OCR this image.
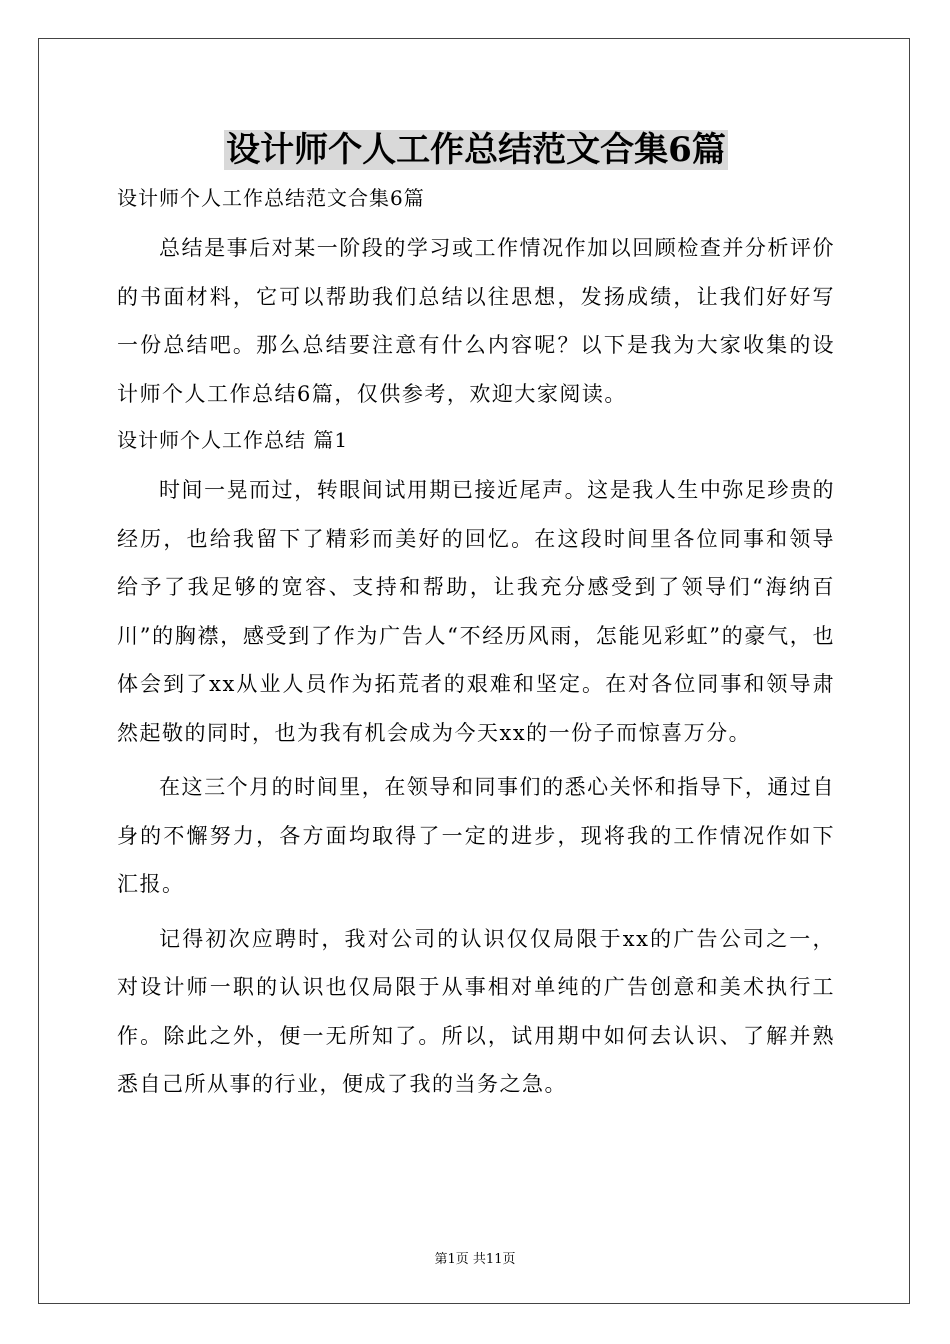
设计师个人工作总结范文合集6篇

设计师个人工作总结范文合集6篇

总结是事后对某一阶段的学习或工作情况作加以回顾检查并分析评价的书面材料，它可以帮助我们总结以往思想，发扬成绩，让我们好好写一份总结吧。那么总结要注意有什么内容呢？以下是我为大家收集的设计师个人工作总结6篇，仅供参考，欢迎大家阅读。

设计师个人工作总结 篇1

时间一晃而过，转眼间试用期已接近尾声。这是我人生中弥足珍贵的经历，也给我留下了精彩而美好的回忆。在这段时间里各位同事和领导给予了我足够的宽容、支持和帮助，让我充分感受到了领导们“海纳百川”的胸襟，感受到了作为广告人“不经历风雨，怎能见彩虹”的豪气，也体会到了xx从业人员作为拓荒者的艰难和坚定。在对各位同事和领导肃然起敬的同时，也为我有机会成为今天xx的一份子而惊喜万分。

在这三个月的时间里，在领导和同事们的悉心关怀和指导下，通过自身的不懈努力，各方面均取得了一定的进步，现将我的工作情况作如下汇报。

记得初次应聘时，我对公司的认识仅仅局限于xx的广告公司之一，对设计师一职的认识也仅局限于从事相对单纯的广告创意和美术执行工作。除此之外，便一无所知了。所以，试用期中如何去认识、了解并熟悉自己所从事的行业，便成了我的当务之急。

第1页 共11页
